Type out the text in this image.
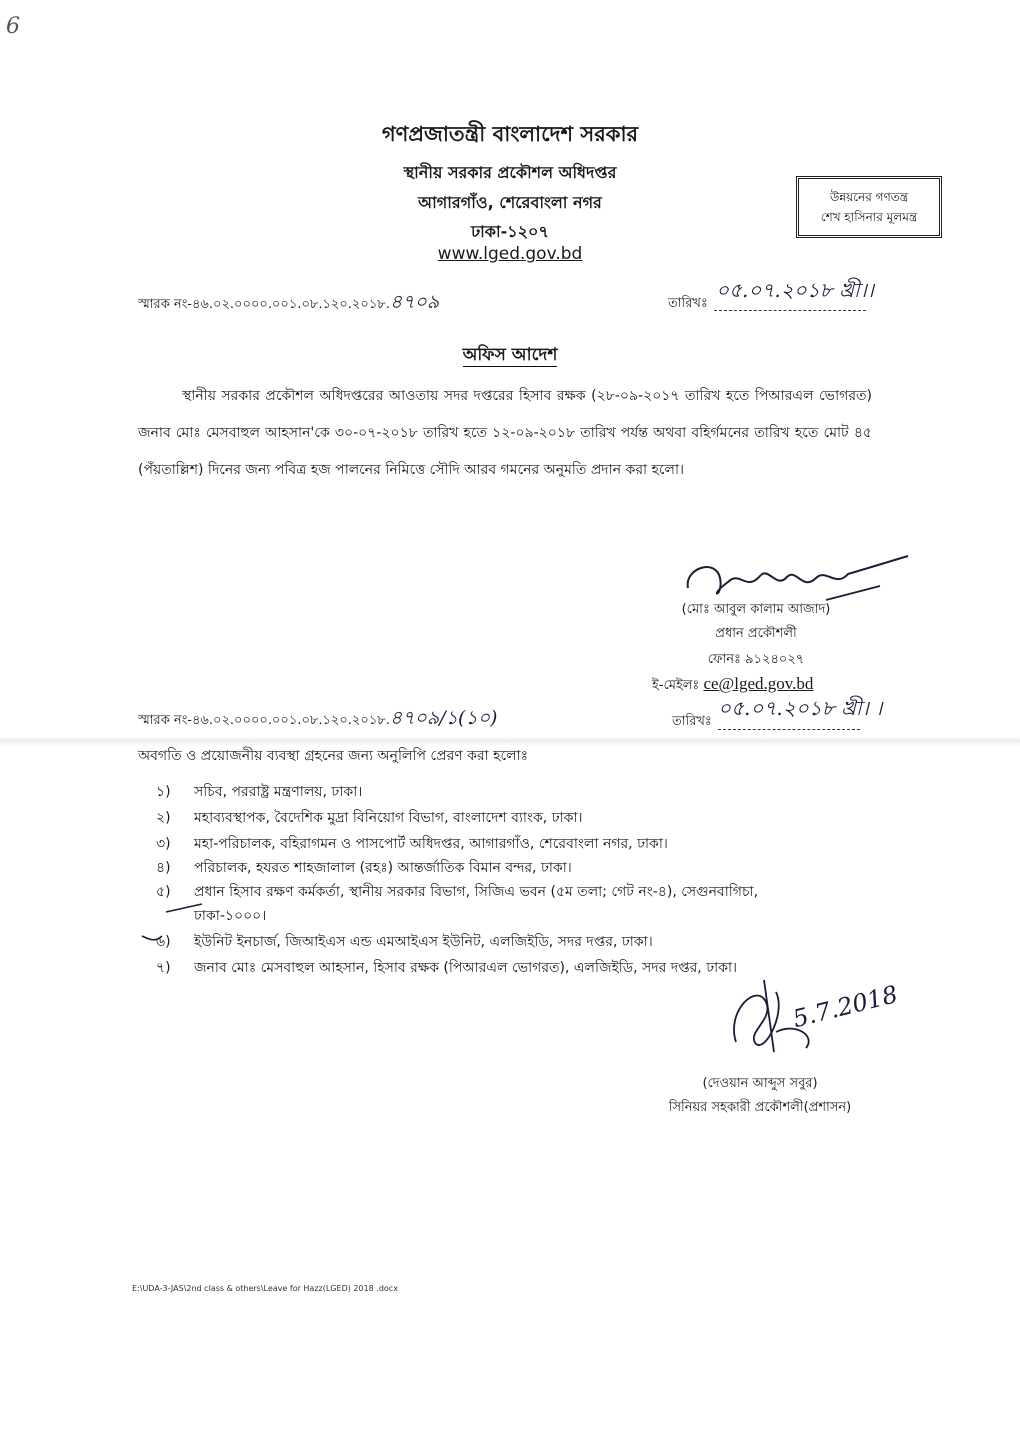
6
গণপ্রজাতন্ত্রী বাংলাদেশ সরকার
স্থানীয় সরকার প্রকৌশল অধিদপ্তর
আগারগাঁও, শেরেবাংলা নগর
ঢাকা-১২০৭
www.lged.gov.bd
উন্নয়নের গণতন্ত্র
শেখ হাসিনার মূলমন্ত্র
স্মারক নং-৪৬.০২.০০০০.০০১.০৮.১২০.২০১৮.৪৭০৯	তারিখঃ
০৫.০৭.২০১৮ খ্রী।।
অফিস আদেশ
স্থানীয় সরকার প্রকৌশল অধিদপ্তরের আওতায় সদর দপ্তরের হিসাব রক্ষক (২৮-০৯-২০১৭ তারিখ হতে পিআরএল ভোগরত) জনাব মোঃ মেসবাহুল আহসান'কে ৩০-০৭-২০১৮ তারিখ হতে ১২-০৯-২০১৮ তারিখ পর্যন্ত অথবা বহির্গমনের তারিখ হতে মোট ৪৫ (পঁয়তাল্লিশ) দিনের জন্য পবিত্র হজ পালনের নিমিত্তে সৌদি আরব গমনের অনুমতি প্রদান করা হলো।
(মোঃ আবুল কালাম আজাদ)
প্রধান প্রকৌশলী
ফোনঃ ৯১২৪০২৭
ই-মেইলঃ ce@lged.gov.bd
স্মারক নং-৪৬.০২.০০০০.০০১.০৮.১২০.২০১৮.৪৭০৯/১(১০)	তারিখঃ
০৫.০৭.২০১৮ খ্রী। ।
অবগতি ও প্রয়োজনীয় ব্যবস্থা গ্রহনের জন্য অনুলিপি প্রেরণ করা হলোঃ
১) সচিব, পররাষ্ট্র মন্ত্রণালয়, ঢাকা।
২) মহাব্যবস্থাপক, বৈদেশিক মুদ্রা বিনিয়োগ বিভাগ, বাংলাদেশ ব্যাংক, ঢাকা।
৩) মহা-পরিচালক, বহিরাগমন ও পাসপোর্ট অধিদপ্তর, আগারগাঁও, শেরেবাংলা নগর, ঢাকা।
৪) পরিচালক, হযরত শাহজালাল (রহঃ) আন্তর্জাতিক বিমান বন্দর, ঢাকা।
৫) প্রধান হিসাব রক্ষণ কর্মকর্তা, স্থানীয় সরকার বিভাগ, সিজিএ ভবন (৫ম তলা; গেট নং-৪), সেগুনবাগিচা,
ঢাকা-১০০০।
৬) ইউনিট ইনচার্জ, জিআইএস এন্ড এমআইএস ইউনিট, এলজিইডি, সদর দপ্তর, ঢাকা।
৭) জনাব মোঃ মেসবাহুল আহসান, হিসাব রক্ষক (পিআরএল ভোগরত), এলজিইডি, সদর দপ্তর, ঢাকা।
5.7.2018
(দেওয়ান আব্দুস সবুর)
সিনিয়র সহকারী প্রকৌশলী(প্রশাসন)
E:\UDA-3-JAS\2nd class & others\Leave for Hazz(LGED) 2018 .docx
